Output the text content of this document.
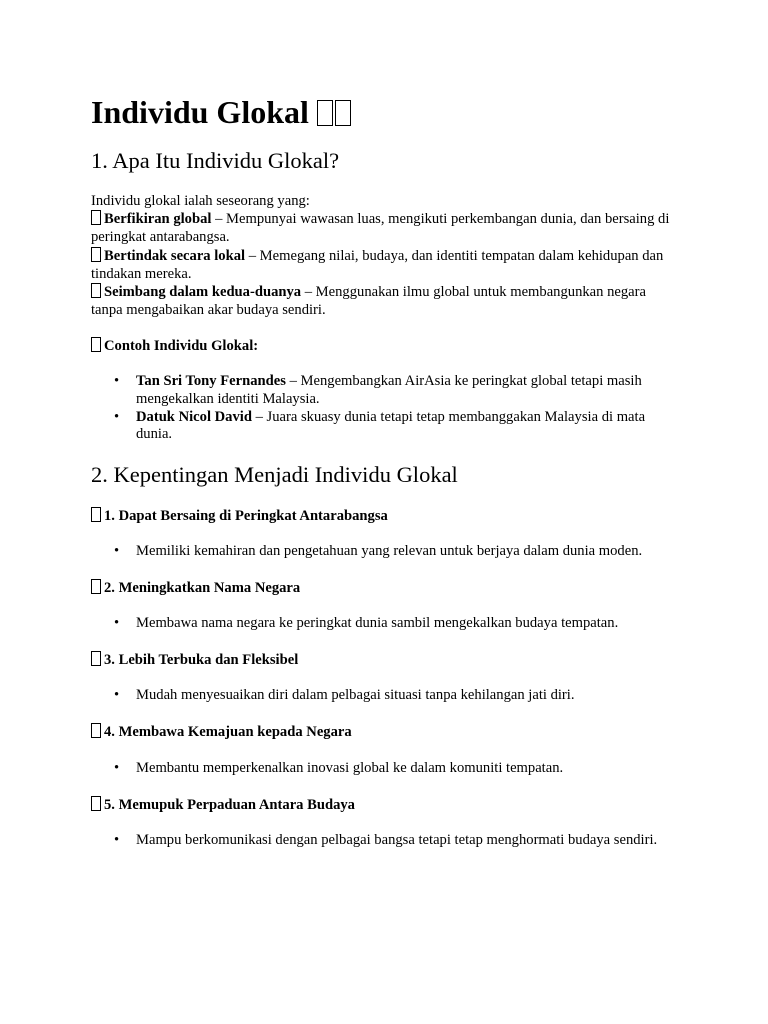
Individu Glokal
1. Apa Itu Individu Glokal?
Individu glokal ialah seseorang yang:
Berfikiran global – Mempunyai wawasan luas, mengikuti perkembangan dunia, dan bersaing di peringkat antarabangsa.
Bertindak secara lokal – Memegang nilai, budaya, dan identiti tempatan dalam kehidupan dan tindakan mereka.
Seimbang dalam kedua-duanya – Menggunakan ilmu global untuk membangunkan negara tanpa mengabaikan akar budaya sendiri.
Contoh Individu Glokal:
• Tan Sri Tony Fernandes – Mengembangkan AirAsia ke peringkat global tetapi masih mengekalkan identiti Malaysia.
• Datuk Nicol David – Juara skuasy dunia tetapi tetap membanggakan Malaysia di mata dunia.
2. Kepentingan Menjadi Individu Glokal
1. Dapat Bersaing di Peringkat Antarabangsa
• Memiliki kemahiran dan pengetahuan yang relevan untuk berjaya dalam dunia moden.
2. Meningkatkan Nama Negara
• Membawa nama negara ke peringkat dunia sambil mengekalkan budaya tempatan.
3. Lebih Terbuka dan Fleksibel
• Mudah menyesuaikan diri dalam pelbagai situasi tanpa kehilangan jati diri.
4. Membawa Kemajuan kepada Negara
• Membantu memperkenalkan inovasi global ke dalam komuniti tempatan.
5. Memupuk Perpaduan Antara Budaya
• Mampu berkomunikasi dengan pelbagai bangsa tetapi tetap menghormati budaya sendiri.
